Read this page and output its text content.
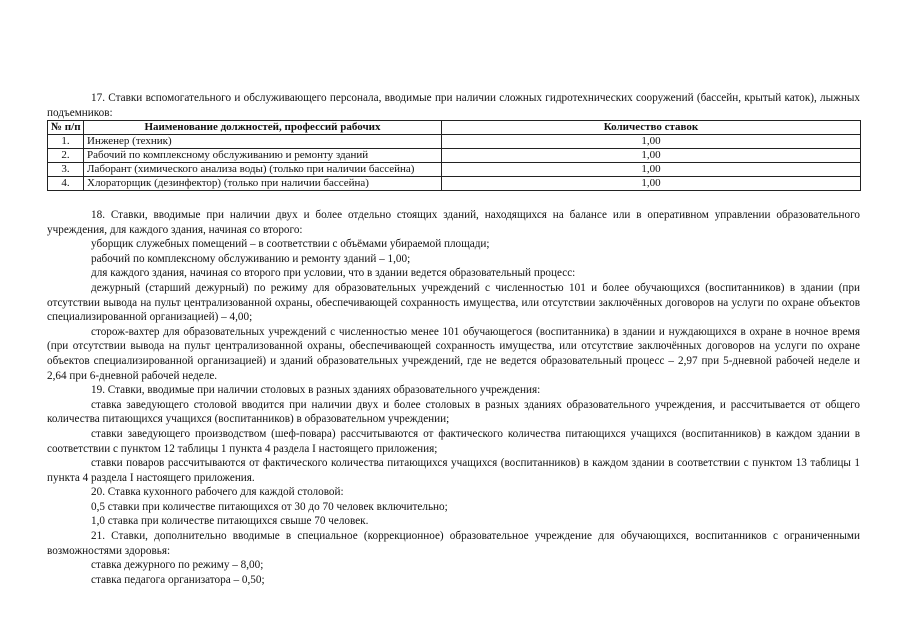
17. Ставки вспомогательного и обслуживающего персонала, вводимые при наличии сложных гидротехнических сооружений (бассейн, крытый каток), лыжных подъемников:

№ п/п	Наименование должностей, профессий рабочих	Количество ставок
1.	Инженер (техник)	1,00
2.	Рабочий по комплексному обслуживанию и ремонту зданий	1,00
3.	Лаборант (химического анализа воды) (только при наличии бассейна)	1,00
4.	Хлораторщик (дезинфектор) (только при наличии бассейна)	1,00

18. Ставки, вводимые при наличии двух и более отдельно стоящих зданий, находящихся на балансе или в оперативном управлении образовательного учреждения, для каждого здания, начиная со второго:

уборщик служебных помещений – в соответствии с объёмами убираемой площади;

рабочий по комплексному обслуживанию и ремонту зданий – 1,00;

для каждого здания, начиная со второго при условии, что в здании ведется образовательный процесс:

дежурный (старший дежурный) по режиму для образовательных учреждений с численностью 101 и более обучающихся (воспитанников) в здании (при отсутствии вывода на пульт централизованной охраны, обеспечивающей сохранность имущества, или отсутствии заключённых договоров на услуги по охране объектов специализированной организацией) – 4,00;

сторож-вахтер для образовательных учреждений с численностью менее 101 обучающегося (воспитанника) в здании и нуждающихся в охране в ночное время (при отсутствии вывода на пульт централизованной охраны, обеспечивающей сохранность имущества, или отсутствие заключённых договоров на услуги по охране объектов специализированной организацией) и зданий образовательных учреждений, где не ведется образовательный процесс – 2,97 при 5-дневной рабочей неделе и 2,64 при 6-дневной рабочей неделе.

19. Ставки, вводимые при наличии столовых в разных зданиях образовательного учреждения:

ставка заведующего столовой вводится при наличии двух и более столовых в разных зданиях образовательного учреждения, и рассчитывается от общего количества питающихся учащихся (воспитанников) в образовательном учреждении;

ставки заведующего производством (шеф-повара) рассчитываются от фактического количества питающихся учащихся (воспитанников) в каждом здании в соответствии с пунктом 12 таблицы 1 пункта 4 раздела I настоящего приложения;

ставки поваров рассчитываются от фактического количества питающихся учащихся (воспитанников) в каждом здании в соответствии с пунктом 13 таблицы 1 пункта 4 раздела I настоящего приложения.

20. Ставка кухонного рабочего для каждой столовой:

0,5 ставки при количестве питающихся от 30 до 70 человек включительно;

1,0 ставка при количестве питающихся свыше 70 человек.

21. Ставки, дополнительно вводимые в специальное (коррекционное) образовательное учреждение для обучающихся, воспитанников с ограниченными возможностями здоровья:

ставка дежурного по режиму – 8,00;

ставка педагога организатора – 0,50;
